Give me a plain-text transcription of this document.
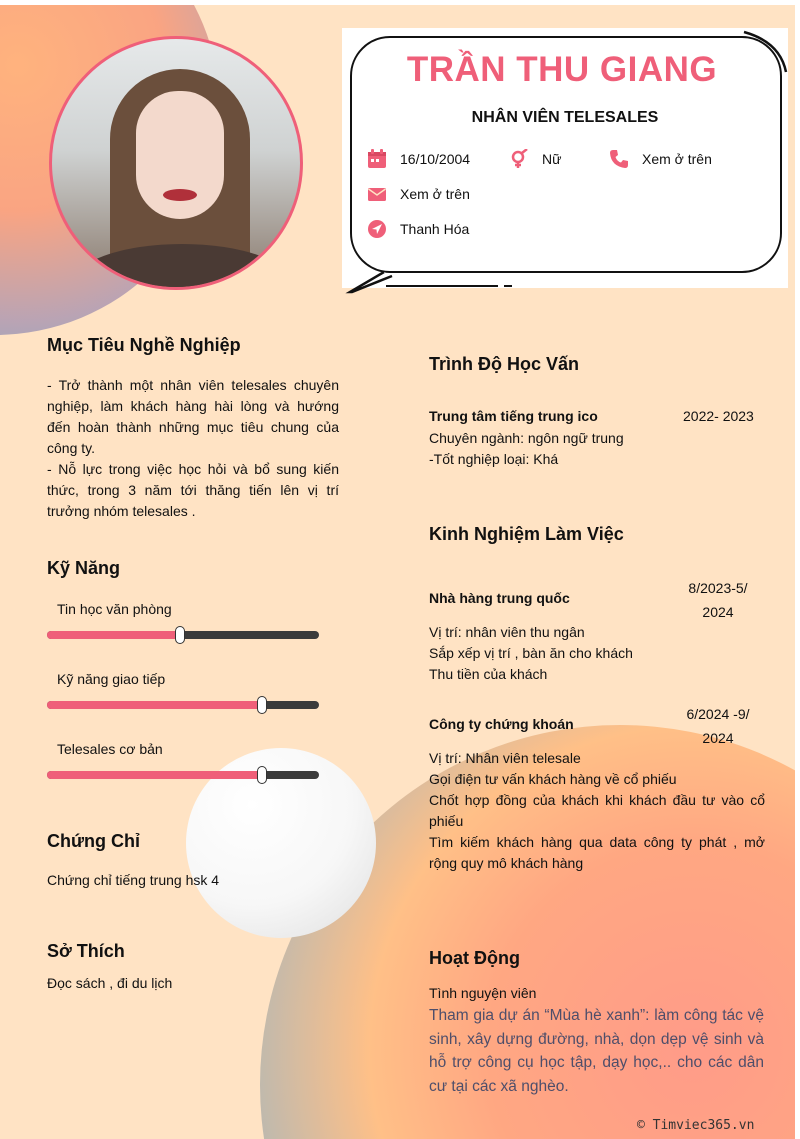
TRẦN THU GIANG
NHÂN VIÊN TELESALES
16/10/2004	Nữ	Xem ở trên
Xem ở trên
Thanh Hóa
Mục Tiêu Nghề Nghiệp
- Trở thành một nhân viên telesales chuyên nghiệp, làm khách hàng hài lòng và hướng đến hoàn thành những mục tiêu chung của công ty.
- Nỗ lực trong việc học hỏi và bổ sung kiến thức, trong 3 năm tới thăng tiến lên vị trí trưởng nhóm telesales .
Kỹ Năng
Tin học văn phòng
Kỹ năng giao tiếp
Telesales cơ bản
Chứng Chỉ
Chứng chỉ tiếng trung hsk 4
Sở Thích
Đọc sách , đi du lịch
Trình Độ Học Vấn
Trung tâm tiếng trung ico	2022- 2023
Chuyên ngành: ngôn ngữ trung
-Tốt nghiệp loại: Khá
Kinh Nghiệm Làm Việc
Nhà hàng trung quốc
8/2023-5/
2024
Vị trí: nhân viên thu ngân
Sắp xếp vị trí , bàn ăn cho khách
Thu tiền của khách
Công ty chứng khoán
6/2024 -9/
2024
Vị trí: Nhân viên telesale
Gọi điện tư vấn khách hàng về cổ phiếu
Chốt hợp đồng của khách khi khách đầu tư vào cổ phiếu
Tìm kiếm khách hàng qua data công ty phát , mở rộng quy mô khách hàng
Hoạt Động
Tình nguyện viên
Tham gia dự án “Mùa hè xanh”: làm công tác vệ sinh, xây dựng đường, nhà, dọn dẹp vệ sinh và hỗ trợ công cụ học tập, dạy học,.. cho các dân cư tại các xã nghèo.
© Timviec365.vn
